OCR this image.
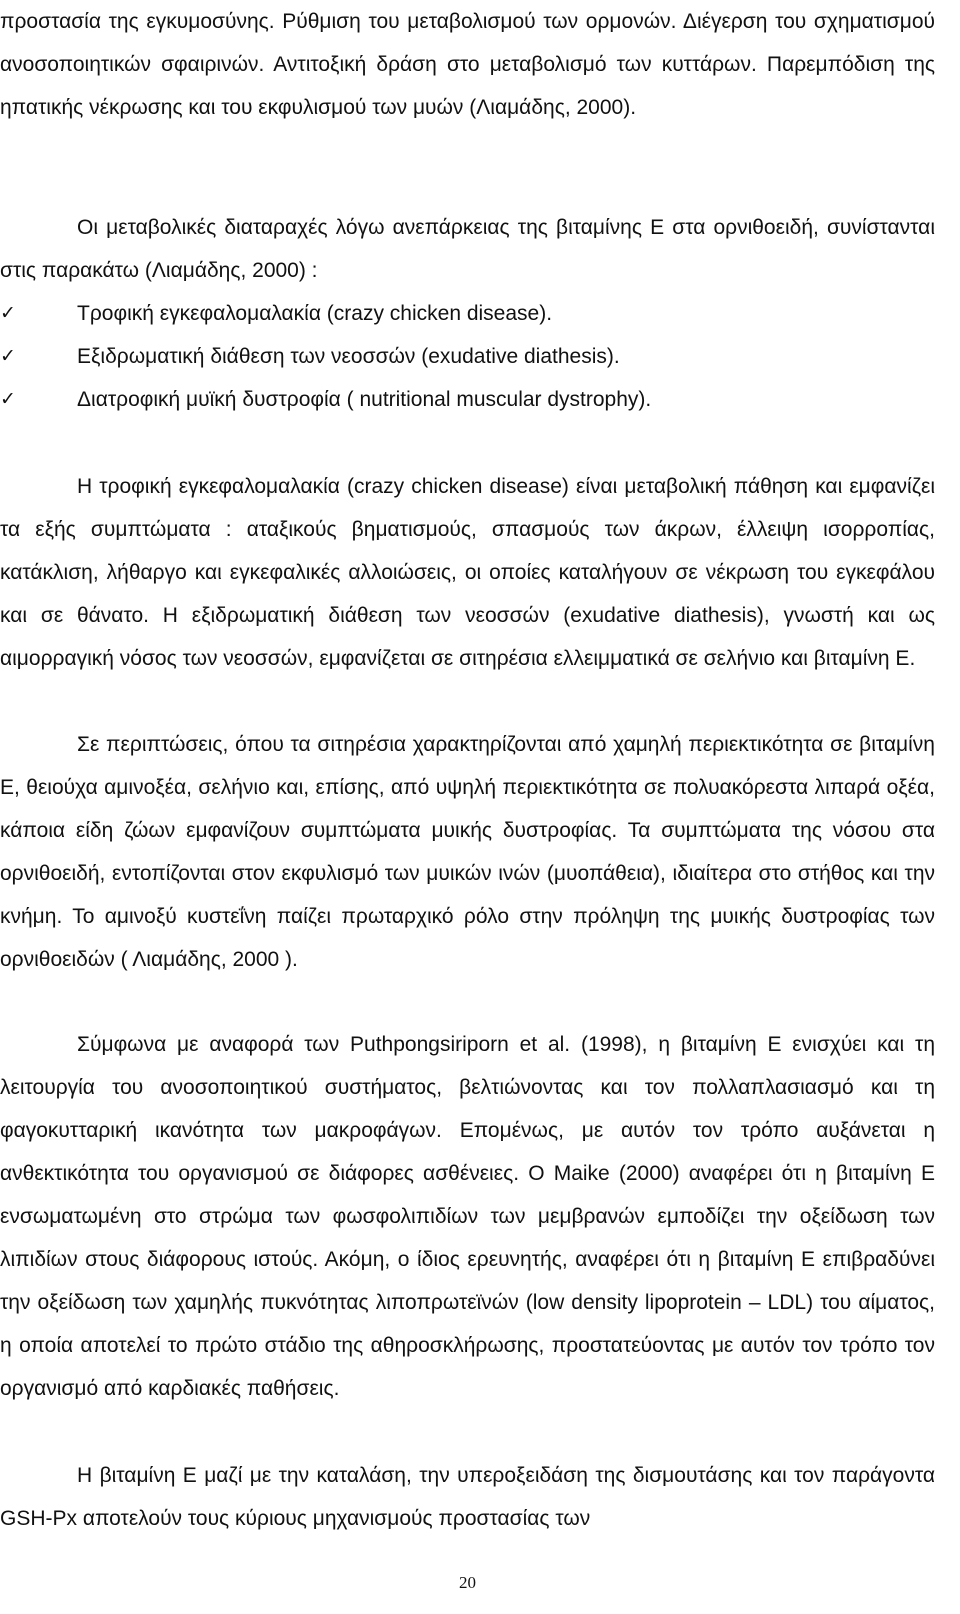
προστασία της εγκυμοσύνης. Ρύθμιση του μεταβολισμού των ορμονών. Διέγερση του σχηματισμού ανοσοποιητικών σφαιρινών. Αντιτοξική δράση στο μεταβολισμό των κυττάρων. Παρεμπόδιση της ηπατικής νέκρωσης και του εκφυλισμού των μυών (Λιαμάδης, 2000).

Οι μεταβολικές διαταραχές λόγω ανεπάρκειας της βιταμίνης Ε στα ορνιθοειδή, συνίστανται στις παρακάτω (Λιαμάδης, 2000) :

✓	Τροφική εγκεφαλομαλακία (crazy chicken disease).
✓	Εξιδρωματική διάθεση των νεοσσών (exudative diathesis).
✓	Διατροφική μυϊκή δυστροφία ( nutritional muscular dystrophy).

Η τροφική εγκεφαλομαλακία (crazy chicken disease) είναι μεταβολική πάθηση και εμφανίζει τα εξής συμπτώματα : αταξικούς βηματισμούς, σπασμούς των άκρων, έλλειψη ισορροπίας, κατάκλιση, λήθαργο και εγκεφαλικές αλλοιώσεις, οι οποίες καταλήγουν σε νέκρωση του εγκεφάλου και σε θάνατο. Η εξιδρωματική διάθεση των νεοσσών (exudative diathesis), γνωστή και ως αιμορραγική νόσος των νεοσσών, εμφανίζεται σε σιτηρέσια ελλειμματικά σε σελήνιο και βιταμίνη Ε.

Σε περιπτώσεις, όπου τα σιτηρέσια χαρακτηρίζονται από χαμηλή περιεκτικότητα σε βιταμίνη Ε, θειούχα αμινοξέα, σελήνιο και, επίσης, από υψηλή περιεκτικότητα σε πολυακόρεστα λιπαρά οξέα, κάποια είδη ζώων εμφανίζουν συμπτώματα μυικής δυστροφίας. Τα συμπτώματα της νόσου στα ορνιθοειδή, εντοπίζονται στον εκφυλισμό των μυικών ινών (μυοπάθεια), ιδιαίτερα στο στήθος και την κνήμη. Το αμινοξύ κυστεΐνη παίζει πρωταρχικό ρόλο στην πρόληψη της μυικής δυστροφίας των ορνιθοειδών ( Λιαμάδης, 2000 ).

Σύμφωνα με αναφορά των Puthpongsiriporn et al. (1998), η βιταμίνη Ε ενισχύει και τη λειτουργία του ανοσοποιητικού συστήματος, βελτιώνοντας και τον πολλαπλασιασμό και τη φαγοκυτταρική ικανότητα των μακροφάγων. Επομένως, με αυτόν τον τρόπο αυξάνεται η ανθεκτικότητα του οργανισμού σε διάφορες ασθένειες. Ο Maike (2000) αναφέρει ότι η βιταμίνη Ε ενσωματωμένη στο στρώμα των φωσφολιπιδίων των μεμβρανών εμποδίζει την οξείδωση των λιπιδίων στους διάφορους ιστούς. Ακόμη, ο ίδιος ερευνητής, αναφέρει ότι η βιταμίνη Ε επιβραδύνει την οξείδωση των χαμηλής πυκνότητας λιποπρωτεϊνών (low density lipoprotein – LDL) του αίματος, η οποία αποτελεί το πρώτο στάδιο της αθηροσκλήρωσης, προστατεύοντας με αυτόν τον τρόπο τον οργανισμό από καρδιακές παθήσεις.

Η βιταμίνη Ε μαζί με την καταλάση, την υπεροξειδάση της δισμουτάσης και τον παράγοντα GSH-Px αποτελούν τους κύριους μηχανισμούς προστασίας των

20
